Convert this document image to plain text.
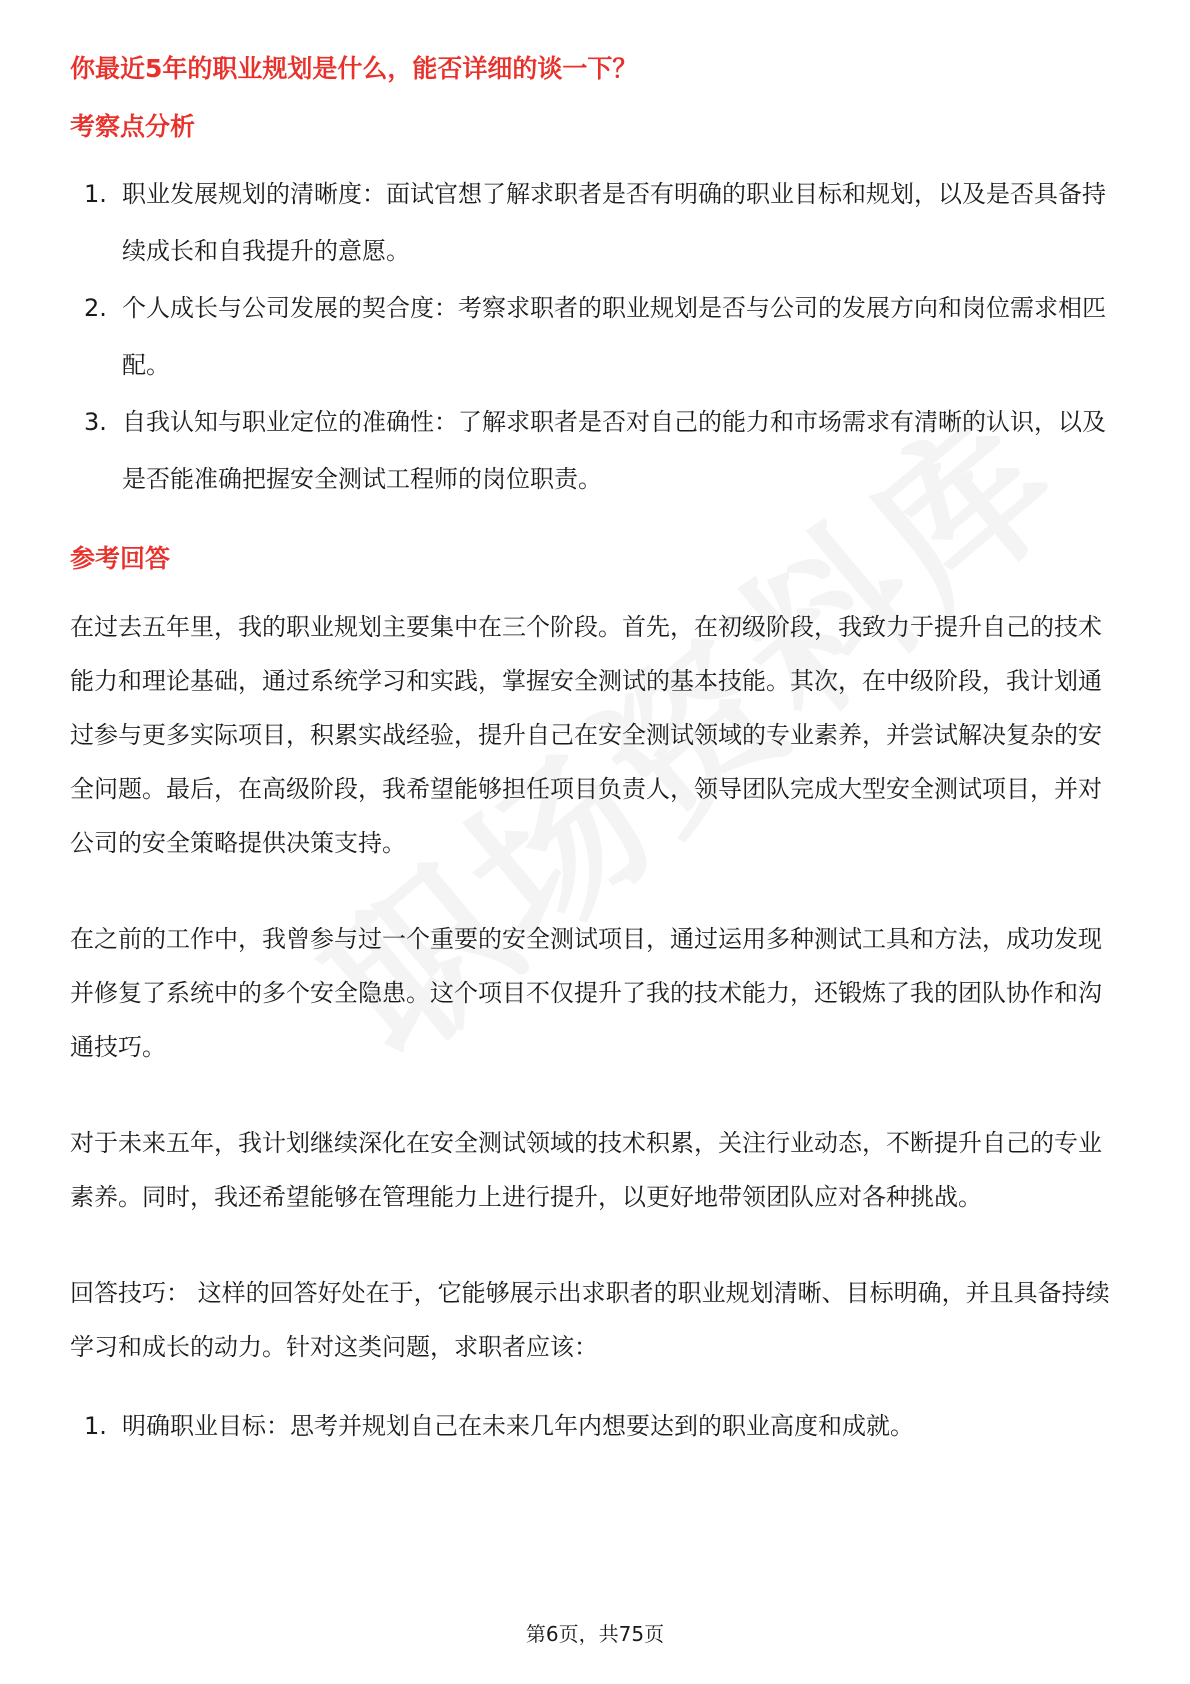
你最近5年的职业规划是什么，能否详细的谈一下？
考察点分析
1. 职业发展规划的清晰度：面试官想了解求职者是否有明确的职业目标和规划，以及是否具备持续成长和自我提升的意愿。
2. 个人成长与公司发展的契合度：考察求职者的职业规划是否与公司的发展方向和岗位需求相匹配。
3. 自我认知与职业定位的准确性：了解求职者是否对自己的能力和市场需求有清晰的认识，以及是否能准确把握安全测试工程师的岗位职责。
参考回答

在过去五年里，我的职业规划主要集中在三个阶段。首先，在初级阶段，我致力于提升自己的技术能力和理论基础，通过系统学习和实践，掌握安全测试的基本技能。其次，在中级阶段，我计划通过参与更多实际项目，积累实战经验，提升自己在安全测试领域的专业素养，并尝试解决复杂的安全问题。最后，在高级阶段，我希望能够担任项目负责人，领导团队完成大型安全测试项目，并对公司的安全策略提供决策支持。

在之前的工作中，我曾参与过一个重要的安全测试项目，通过运用多种测试工具和方法，成功发现并修复了系统中的多个安全隐患。这个项目不仅提升了我的技术能力，还锻炼了我的团队协作和沟通技巧。

对于未来五年，我计划继续深化在安全测试领域的技术积累，关注行业动态，不断提升自己的专业素养。同时，我还希望能够在管理能力上进行提升，以更好地带领团队应对各种挑战。

回答技巧： 这样的回答好处在于，它能够展示出求职者的职业规划清晰、目标明确，并且具备持续学习和成长的动力。针对这类问题，求职者应该：

1. 明确职业目标：思考并规划自己在未来几年内想要达到的职业高度和成就。
第6页，共75页
